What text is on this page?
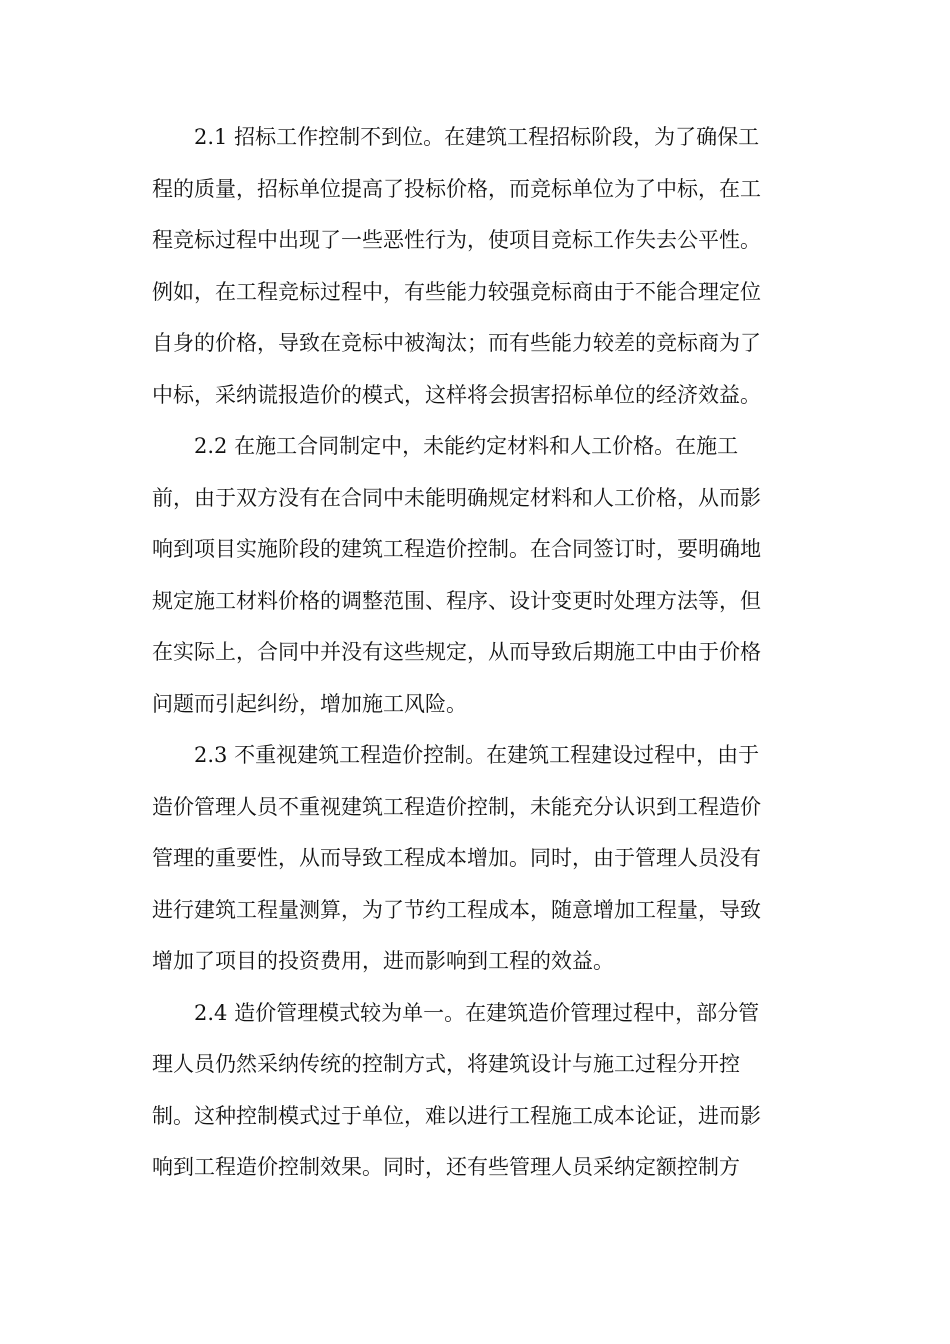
2.1 招标工作控制不到位。在建筑工程招标阶段，为了确保工
程的质量，招标单位提高了投标价格，而竞标单位为了中标，在工
程竞标过程中出现了一些恶性行为，使项目竞标工作失去公平性。
例如，在工程竞标过程中，有些能力较强竞标商由于不能合理定位
自身的价格，导致在竞标中被淘汰；而有些能力较差的竞标商为了
中标，采纳谎报造价的模式，这样将会损害招标单位的经济效益。
2.2 在施工合同制定中，未能约定材料和人工价格。在施工
前，由于双方没有在合同中未能明确规定材料和人工价格，从而影
响到项目实施阶段的建筑工程造价控制。在合同签订时，要明确地
规定施工材料价格的调整范围、程序、设计变更时处理方法等，但
在实际上，合同中并没有这些规定，从而导致后期施工中由于价格
问题而引起纠纷，增加施工风险。
2.3 不重视建筑工程造价控制。在建筑工程建设过程中，由于
造价管理人员不重视建筑工程造价控制，未能充分认识到工程造价
管理的重要性，从而导致工程成本增加。同时，由于管理人员没有
进行建筑工程量测算，为了节约工程成本，随意增加工程量，导致
增加了项目的投资费用，进而影响到工程的效益。
2.4 造价管理模式较为单一。在建筑造价管理过程中，部分管
理人员仍然采纳传统的控制方式，将建筑设计与施工过程分开控
制。这种控制模式过于单位，难以进行工程施工成本论证，进而影
响到工程造价控制效果。同时，还有些管理人员采纳定额控制方
